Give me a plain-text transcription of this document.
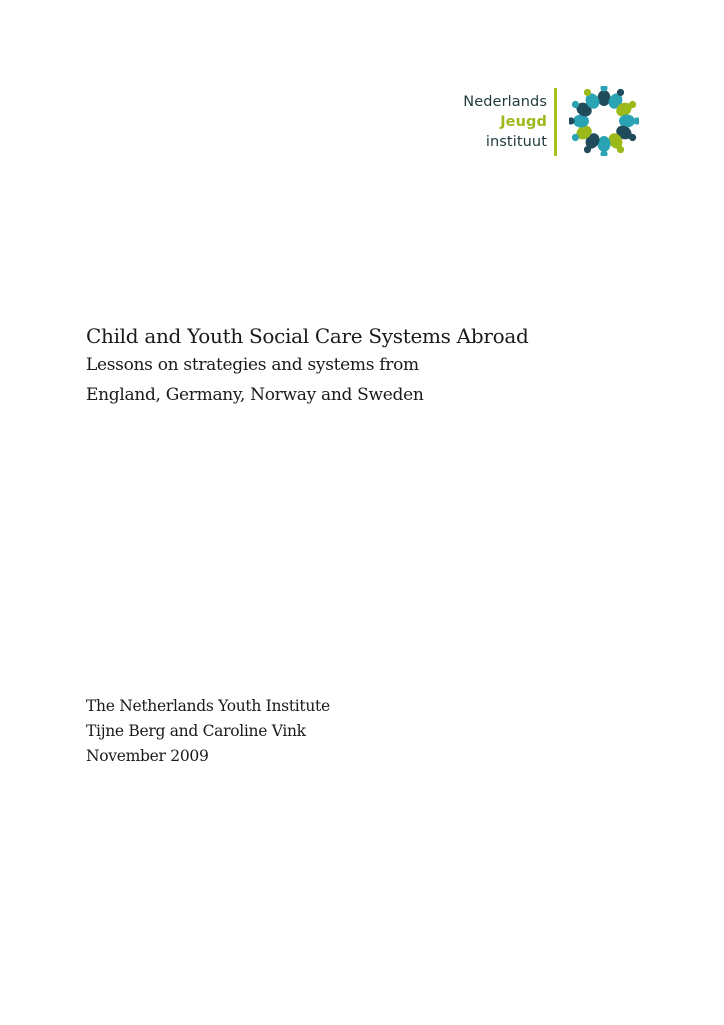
Nederlands
Jeugd
instituut
Child and Youth Social Care Systems Abroad
Lessons on strategies and systems from
England, Germany, Norway and Sweden
The Netherlands Youth Institute
Tijne Berg and Caroline Vink
November 2009
